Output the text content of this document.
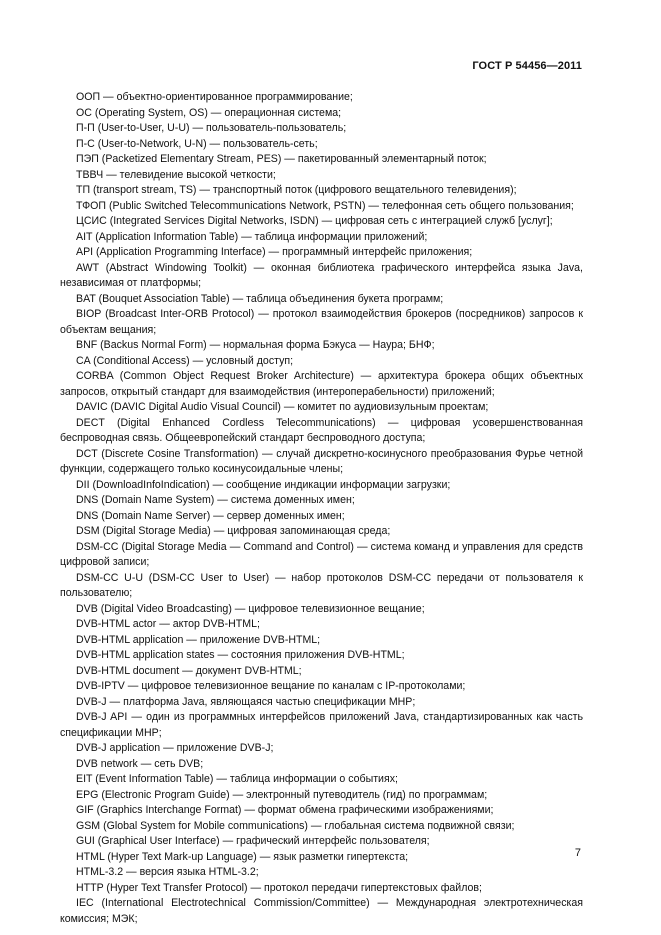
ГОСТ Р 54456—2011

ООП — объектно-ориентированное программирование;

ОС (Operating System, OS) — операционная система;

П-П (User-to-User, U-U) — пользователь-пользователь;

П-С (User-to-Network, U-N) — пользователь-сеть;

ПЭП (Packetized Elementary Stream, PES) — пакетированный элементарный поток;

ТВВЧ — телевидение высокой четкости;

ТП (transport stream, TS) — транспортный поток (цифрового вещательного телевидения);

ТФОП (Public Switched Telecommunications Network, PSTN) — телефонная сеть общего пользования;

ЦСИС (Integrated Services Digital Networks, ISDN) — цифровая сеть с интеграцией служб [услуг];

AIT (Application Information Table) — таблица информации приложений;

API (Application Programming Interface) — программный интерфейс приложения;

AWT (Abstract Windowing Toolkit) — оконная библиотека графического интерфейса языка Java, независимая от платформы;

BAT (Bouquet Association Table) — таблица объединения букета программ;

BIOP (Broadcast Inter-ORB Protocol) — протокол взаимодействия брокеров (посредников) запросов к объектам вещания;

BNF (Backus Normal Form) — нормальная форма Бэкуса — Наура; БНФ;

CA (Conditional Access) — условный доступ;

CORBA (Common Object Request Broker Architecture) — архитектура брокера общих объектных запросов, открытый стандарт для взаимодействия (интероперабельности) приложений;

DAVIC (DAVIC Digital Audio Visual Council) — комитет по аудиовизульным проектам;

DECT (Digital Enhanced Cordless Telecommunications) — цифровая усовершенствованная беспроводная связь. Общеевропейский стандарт беспроводного доступа;

DCT (Discrete Cosine Transformation) — случай дискретно-косинусного преобразования Фурье четной функции, содержащего только косинусоидальные члены;

DII (DownloadInfoIndication) — сообщение индикации информации загрузки;

DNS (Domain Name System) — система доменных имен;

DNS (Domain Name Server) — сервер доменных имен;

DSM (Digital Storage Media) — цифровая запоминающая среда;

DSM-CC (Digital Storage Media — Command and Control) — система команд и управления для средств цифровой записи;

DSM-CC U-U (DSM-CC User to User) — набор протоколов DSM-CC передачи от пользователя к пользователю;

DVB (Digital Video Broadcasting) — цифровое телевизионное вещание;

DVB-HTML actor — актор DVB-HTML;

DVB-HTML application — приложение DVB-HTML;

DVB-HTML application states — состояния приложения DVB-HTML;

DVB-HTML document — документ DVB-HTML;

DVB-IPTV — цифровое телевизионное вещание по каналам с IP-протоколами;

DVB-J — платформа Java, являющаяся частью спецификации MHP;

DVB-J API — один из программных интерфейсов приложений Java, стандартизированных как часть спецификации MHP;

DVB-J application — приложение DVB-J;

DVB network — сеть DVB;

EIT (Event Information Table) — таблица информации о событиях;

EPG (Electronic Program Guide) — электронный путеводитель (гид) по программам;

GIF (Graphics Interchange Format) — формат обмена графическими изображениями;

GSM (Global System for Mobile communications) — глобальная система подвижной связи;

GUI (Graphical User Interface) — графический интерфейс пользователя;

HTML (Hyper Text Mark-up Language) — язык разметки гипертекста;

HTML-3.2 — версия языка HTML-3.2;

HTTP (Hyper Text Transfer Protocol) — протокол передачи гипертекстовых файлов;

IEC (International Electrotechnical Commission/Committee) — Международная электротехническая комиссия; МЭК;

7
